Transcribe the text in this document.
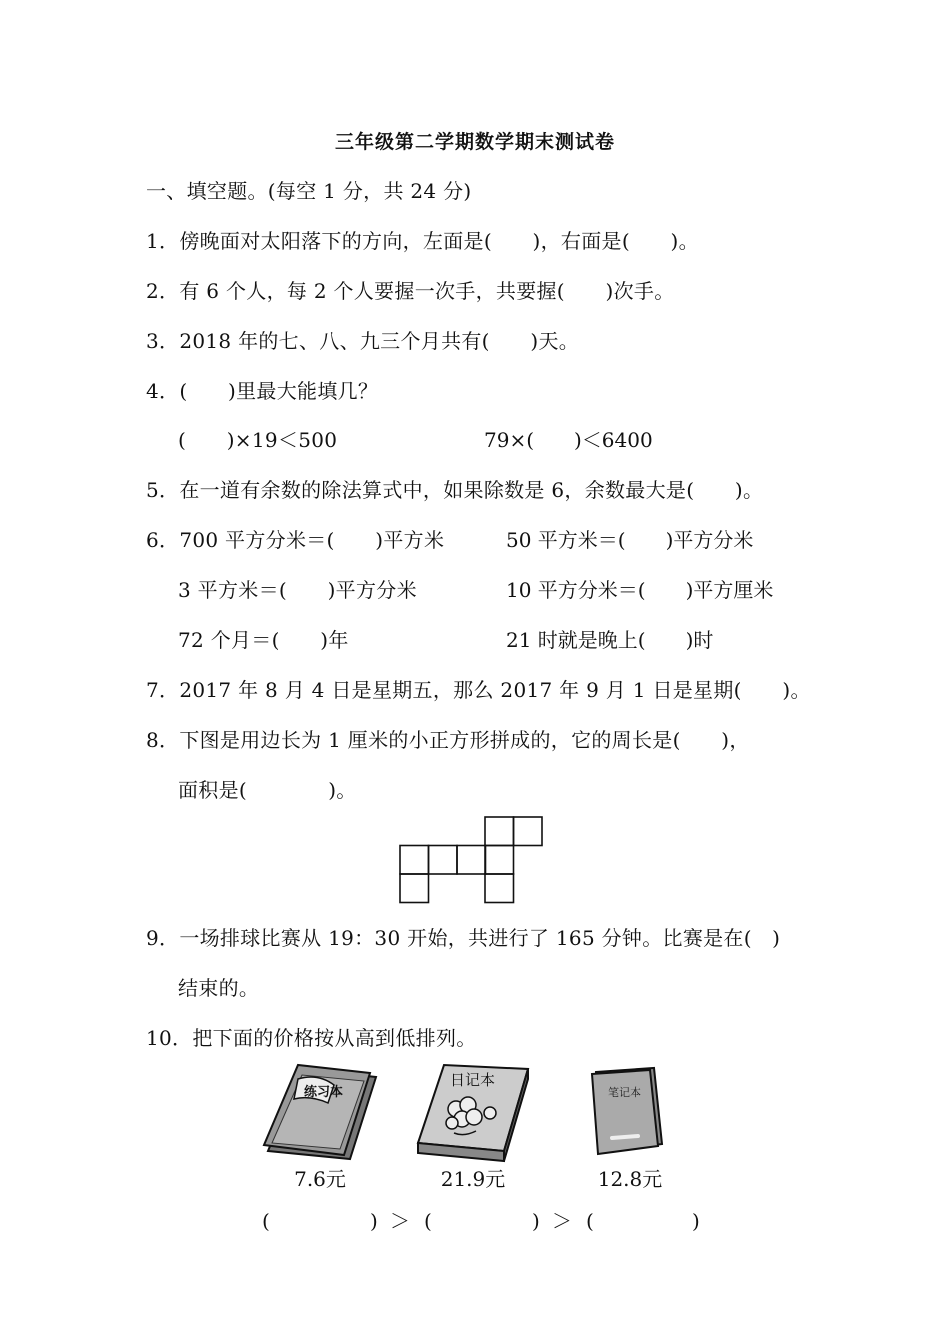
三年级第二学期数学期末测试卷
一、填空题。(每空 1 分，共 24 分)
1．傍晚面对太阳落下的方向，左面是(　　)，右面是(　　)。
2．有 6 个人，每 2 个人要握一次手，共要握(　　)次手。
3．2018 年的七、八、九三个月共有(　　)天。
4．(　　)里最大能填几？
(　　)×19＜500	79×(　　)＜6400
5．在一道有余数的除法算式中，如果除数是 6，余数最大是(　　)。
6．700 平方分米＝(　　)平方米	50 平方米＝(　　)平方分米
3 平方米＝(　　)平方分米	10 平方分米＝(　　)平方厘米
72 个月＝(　　)年	21 时就是晚上(　　)时
7．2017 年 8 月 4 日是星期五，那么 2017 年 9 月 1 日是星期(　　)。
8．下图是用边长为 1 厘米的小正方形拼成的，它的周长是(　　)，
面积是(　　　　)。
9．一场排球比赛从 19：30 开始，共进行了 165 分钟。比赛是在(　)
结束的。
10．把下面的价格按从高到低排列。
练习本
日记本
笔记本
7.6元	21.9元	12.8元
(	) ＞ (	) ＞ (	)
